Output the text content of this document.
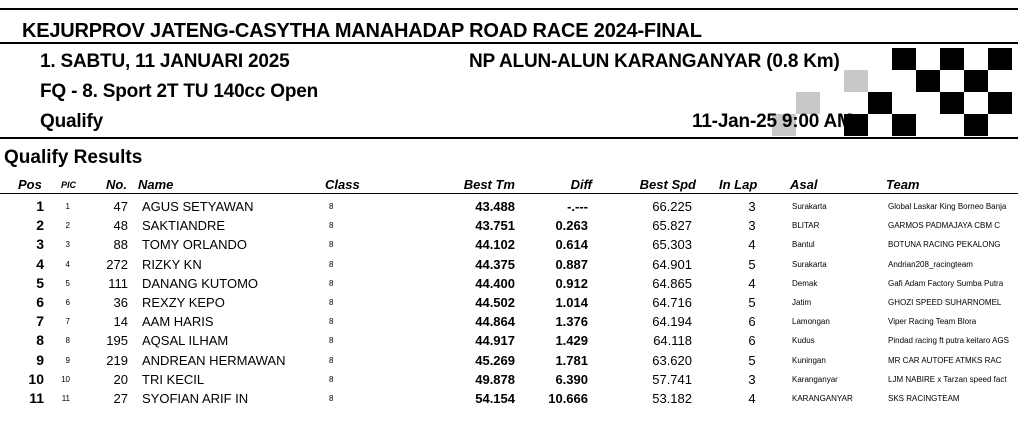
KEJURPROV JATENG-CASYTHA MANAHADAP ROAD RACE 2024-FINAL
1. SABTU, 11 JANUARI 2025
FQ - 8. Sport 2T TU 140cc Open
Qualify
NP ALUN-ALUN KARANGANYAR (0.8 Km)
11-Jan-25 9:00 AM
Qualify Results
Pos PIC No. Name	Class	Best Tm	Diff	Best Spd In Lap	Asal	Team
1	1	47 AGUS SETYAWAN	8	43.488	-.---	66.225	3	Surakarta	Global Laskar King Borneo Banja
2	2	48 SAKTIANDRE	8	43.751	0.263	65.827	3	BLITAR	GARMOS PADMAJAYA CBM C
3	3	88 TOMY ORLANDO	8	44.102	0.614	65.303	4	Bantul	BOTUNA RACING PEKALONG
4	4	272 RIZKY KN	8	44.375	0.887	64.901	5	Surakarta	Andrian208_racingteam
5	5	111 DANANG KUTOMO	8	44.400	0.912	64.865	4	Demak	Gafi Adam Factory Sumba Putra
6	6	36 REXZY KEPO	8	44.502	1.014	64.716	5	Jatim	GHOZI SPEED SUHARNOMEL
7	7	14 AAM HARIS	8	44.864	1.376	64.194	6	Lamongan	Viper Racing Team Blora
8	8	195 AQSAL ILHAM	8	44.917	1.429	64.118	6	Kudus	Pindad racing ft putra keitaro AGS
9	9	219 ANDREAN HERMAWAN	8	45.269	1.781	63.620	5	Kuningan	MR CAR AUTOFE ATMKS RAC
10	10	20 TRI KECIL	8	49.878	6.390	57.741	3	Karanganyar	LJM NABIRE x Tarzan speed fact
11	11	27 SYOFIAN ARIF IN	8	54.154	10.666	53.182	4	KARANGANYAR	SKS RACINGTEAM
